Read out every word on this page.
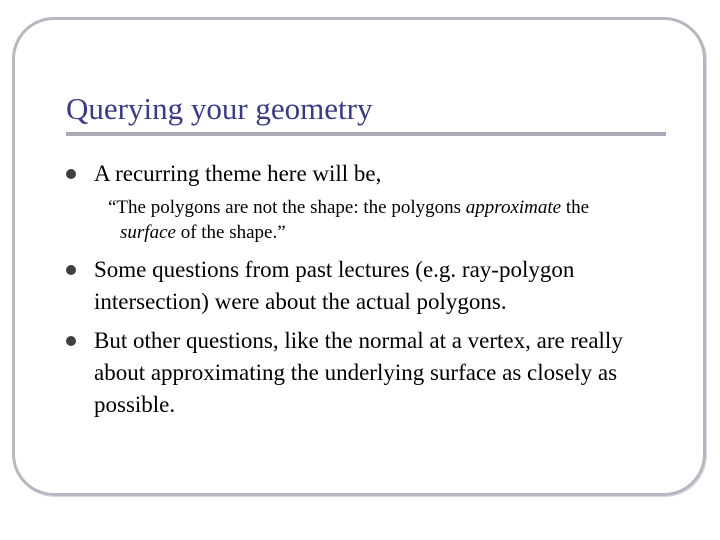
Querying your geometry
A recurring theme here will be,
“The polygons are not the shape: the polygons approximate the surface of the shape.”
Some questions from past lectures (e.g. ray-polygon intersection) were about the actual polygons.
But other questions, like the normal at a vertex, are really about approximating the underlying surface as closely as possible.
